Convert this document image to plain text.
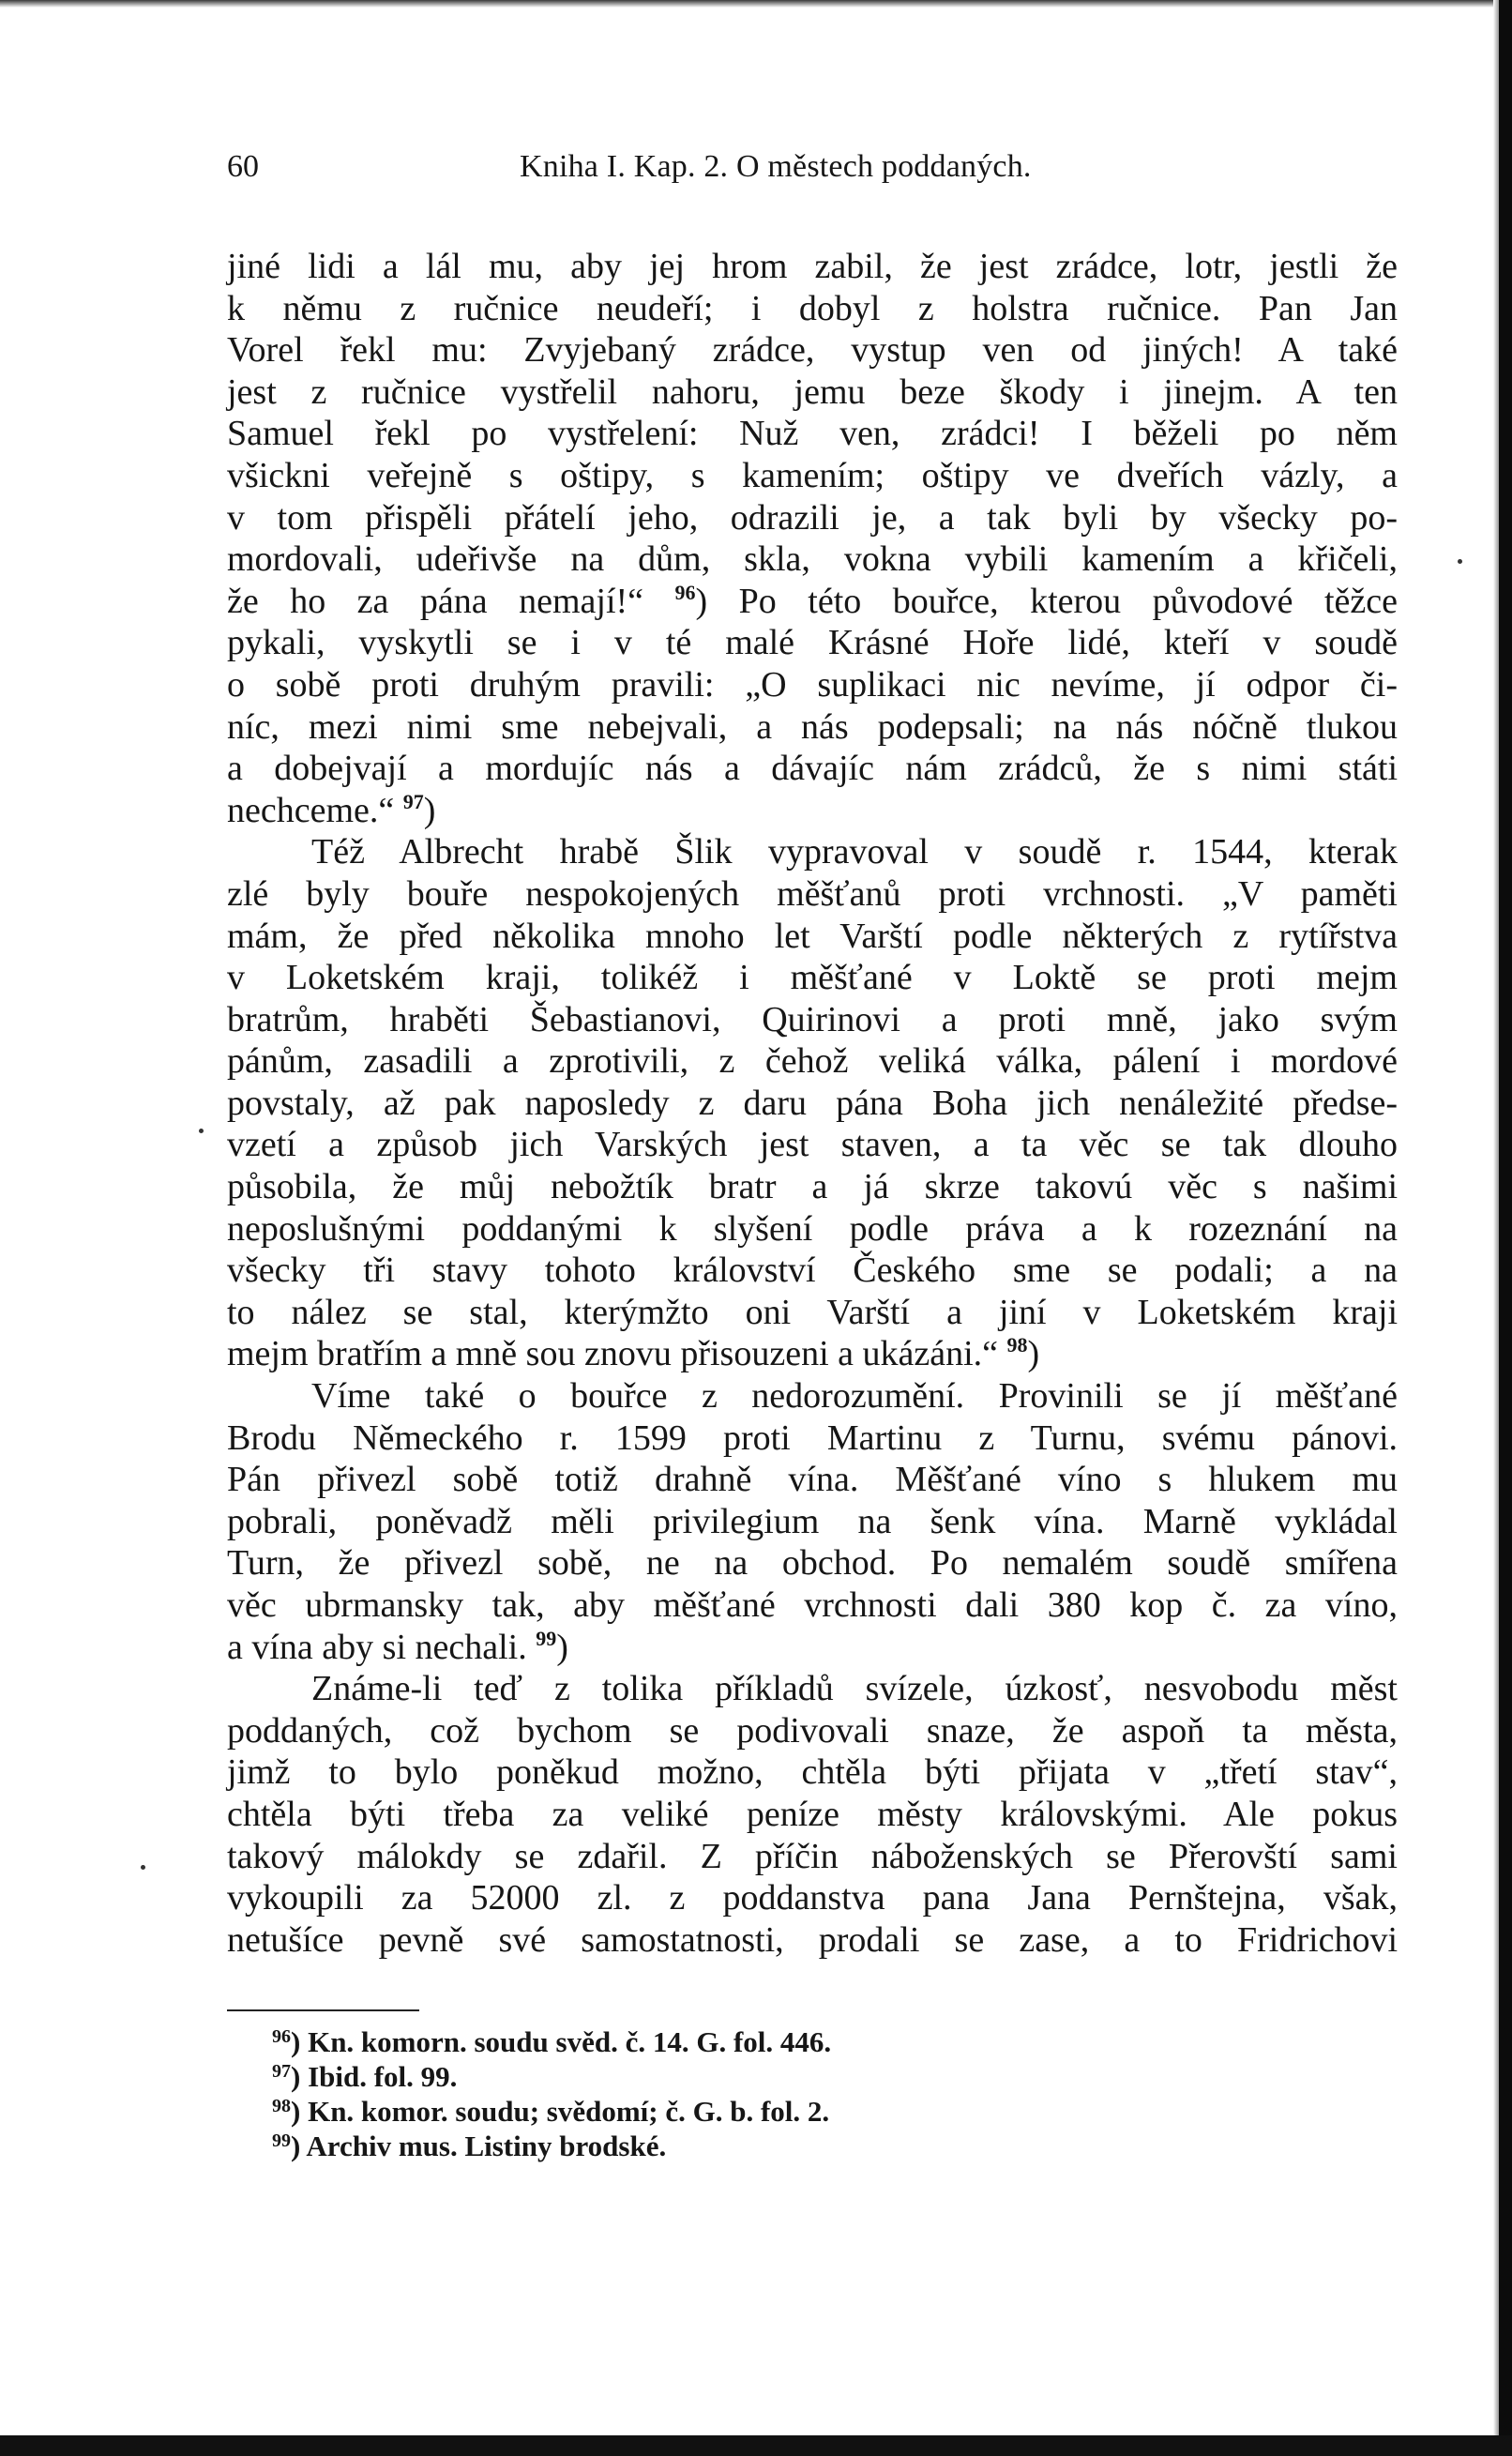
60	Kniha I. Kap. 2. O městech poddaných.

jiné lidi a lál mu, aby jej hrom zabil, že jest zrádce, lotr, jestli že
k němu z ručnice neudeří; i dobyl z holstra ručnice. Pan Jan
Vorel řekl mu: Zvyjebaný zrádce, vystup ven od jiných! A také
jest z ručnice vystřelil nahoru, jemu beze škody i jinejm. A ten
Samuel řekl po vystřelení: Nuž ven, zrádci! I běželi po něm
všickni veřejně s oštipy, s kamením; oštipy ve dveřích vázly, a
v tom přispěli přátelí jeho, odrazili je, a tak byli by všecky po-
mordovali, udeřivše na dům, skla, vokna vybili kamením a křičeli,
že ho za pána nemají!“ $^{96}$) Po této bouřce, kterou původové těžce
pykali, vyskytli se i v té malé Krásné Hoře lidé, kteří v soudě
o sobě proti druhým pravili: „O suplikaci nic nevíme, jí odpor či-
níc, mezi nimi sme nebejvali, a nás podepsali; na nás nóčně tlukou
a dobejvají a mordujíc nás a dávajíc nám zrádců, že s nimi státi
nechceme.“ $^{97}$)

Též Albrecht hrabě Šlik vypravoval v soudě r. 1544, kterak
zlé byly bouře nespokojených měšťanů proti vrchnosti. „V paměti
mám, že před několika mnoho let Varští podle některých z rytířstva
v Loketském kraji, tolikéž i měšťané v Loktě se proti mejm
bratrům, hraběti Šebastianovi, Quirinovi a proti mně, jako svým
pánům, zasadili a zprotivili, z čehož veliká válka, pálení i mordové
povstaly, až pak naposledy z daru pána Boha jich nenáležité předse-
vzetí a způsob jich Varských jest staven, a ta věc se tak dlouho
působila, že můj nebožtík bratr a já skrze takovú věc s našimi
neposlušnými poddanými k slyšení podle práva a k rozeznání na
všecky tři stavy tohoto království Českého sme se podali; a na
to nález se stal, kterýmžto oni Varští a jiní v Loketském kraji
mejm bratřím a mně sou znovu přisouzeni a ukázáni.“ $^{98}$)

Víme také o bouřce z nedorozumění. Provinili se jí měšťané
Brodu Německého r. 1599 proti Martinu z Turnu, svému pánovi.
Pán přivezl sobě totiž drahně vína. Měšťané víno s hlukem mu
pobrali, poněvadž měli privilegium na šenk vína. Marně vykládal
Turn, že přivezl sobě, ne na obchod. Po nemalém soudě smířena
věc ubrmansky tak, aby měšťané vrchnosti dali 380 kop č. za víno,
a vína aby si nechali. $^{99}$)

Známe-li teď z tolika příkladů svízele, úzkosť, nesvobodu měst
poddaných, což bychom se podivovali snaze, že aspoň ta města,
jimž to bylo poněkud možno, chtěla býti přijata v „třetí stav“,
chtěla býti třeba za veliké peníze městy královskými. Ale pokus
takový málokdy se zdařil. Z příčin náboženských se Přerovští sami
vykoupili za 52000 zl. z poddanstva pana Jana Pernštejna, však,
netušíce pevně své samostatnosti, prodali se zase, a to Fridrichovi

$^{96}$) Kn. komorn. soudu svěd. č. 14. G. fol. 446.
$^{97}$) Ibid. fol. 99.
$^{98}$) Kn. komor. soudu; svědomí; č. G. b. fol. 2.
$^{99}$) Archiv mus. Listiny brodské.
